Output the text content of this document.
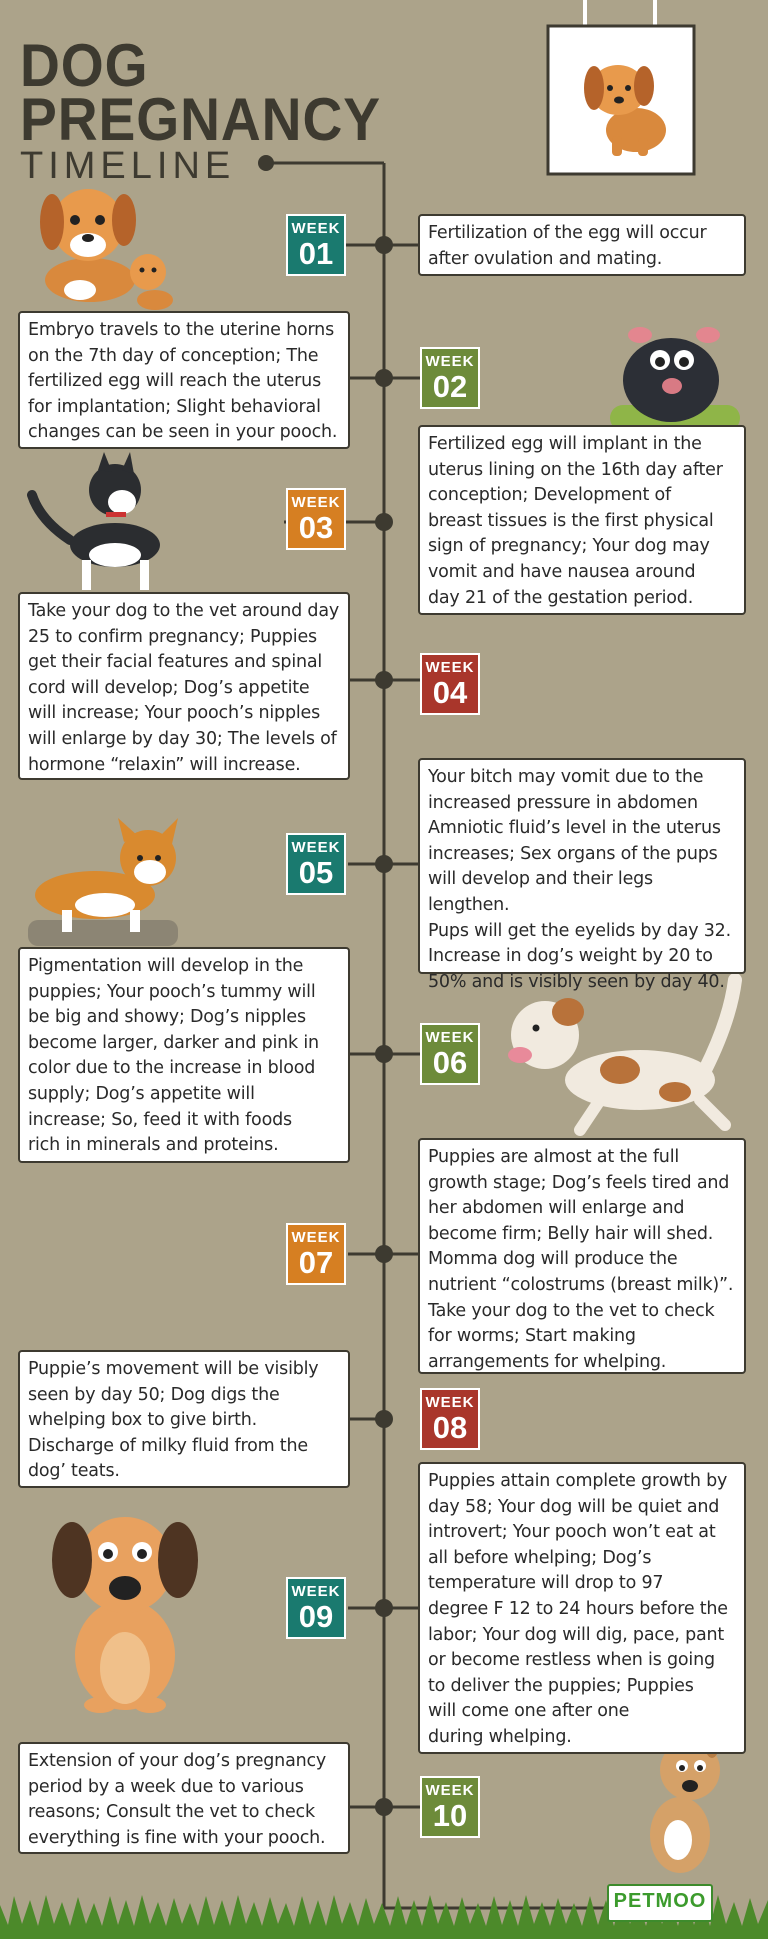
DOG
PREGNANCY
TIMELINE
WEEK
01
WEEK
02
WEEK
03
WEEK
04
WEEK
05
WEEK
06
WEEK
07
WEEK
08
WEEK
09
WEEK
10
Fertilization of the egg will occur
after ovulation and mating.
Embryo travels to the uterine horns
on the 7th day of conception; The
fertilized egg will reach the uterus
for implantation; Slight behavioral
changes can be seen in your pooch.
Fertilized egg will implant in the
uterus lining on the 16th day after
conception; Development of
breast tissues is the first physical
sign of pregnancy; Your dog may
vomit and have nausea around
day 21 of the gestation period.
Take your dog to the vet around day
25 to confirm pregnancy; Puppies
get their facial features and spinal
cord will develop; Dog’s appetite
will increase; Your pooch’s nipples
will enlarge by day 30; The levels of
hormone “relaxin” will increase.
Your bitch may vomit due to the
increased pressure in abdomen
Amniotic fluid’s level in the uterus
increases; Sex organs of the pups
will develop and their legs lengthen.
Pups will get the eyelids by day 32.
Increase in dog’s weight by 20 to
50% and is visibly seen by day 40.
Pigmentation will develop in the
puppies; Your pooch’s tummy will
be big and showy; Dog’s nipples
become larger, darker and pink in
color due to the increase in blood
supply; Dog’s appetite will
increase; So, feed it with foods
rich in minerals and proteins.
Puppies are almost at the full
growth stage; Dog’s feels tired and
her abdomen will enlarge and
become firm; Belly hair will shed.
Momma dog will produce the
nutrient “colostrums (breast milk)”.
Take your dog to the vet to check
for worms; Start making
arrangements for whelping.
Puppie’s movement will be visibly
seen by day 50; Dog digs the
whelping box to give birth.
Discharge of milky fluid from the
dog’ teats.	Puppies attain complete growth by
day 58; Your dog will be quiet and
introvert; Your pooch won’t eat at
all before whelping; Dog’s
temperature will drop to 97
degree F 12 to 24 hours before the
labor; Your dog will dig, pace, pant
or become restless when is going
to deliver the puppies; Puppies
will come one after one
during whelping.
Extension of your dog’s pregnancy
period by a week due to various
reasons; Consult the vet to check
everything is fine with your pooch.
PETMOO
